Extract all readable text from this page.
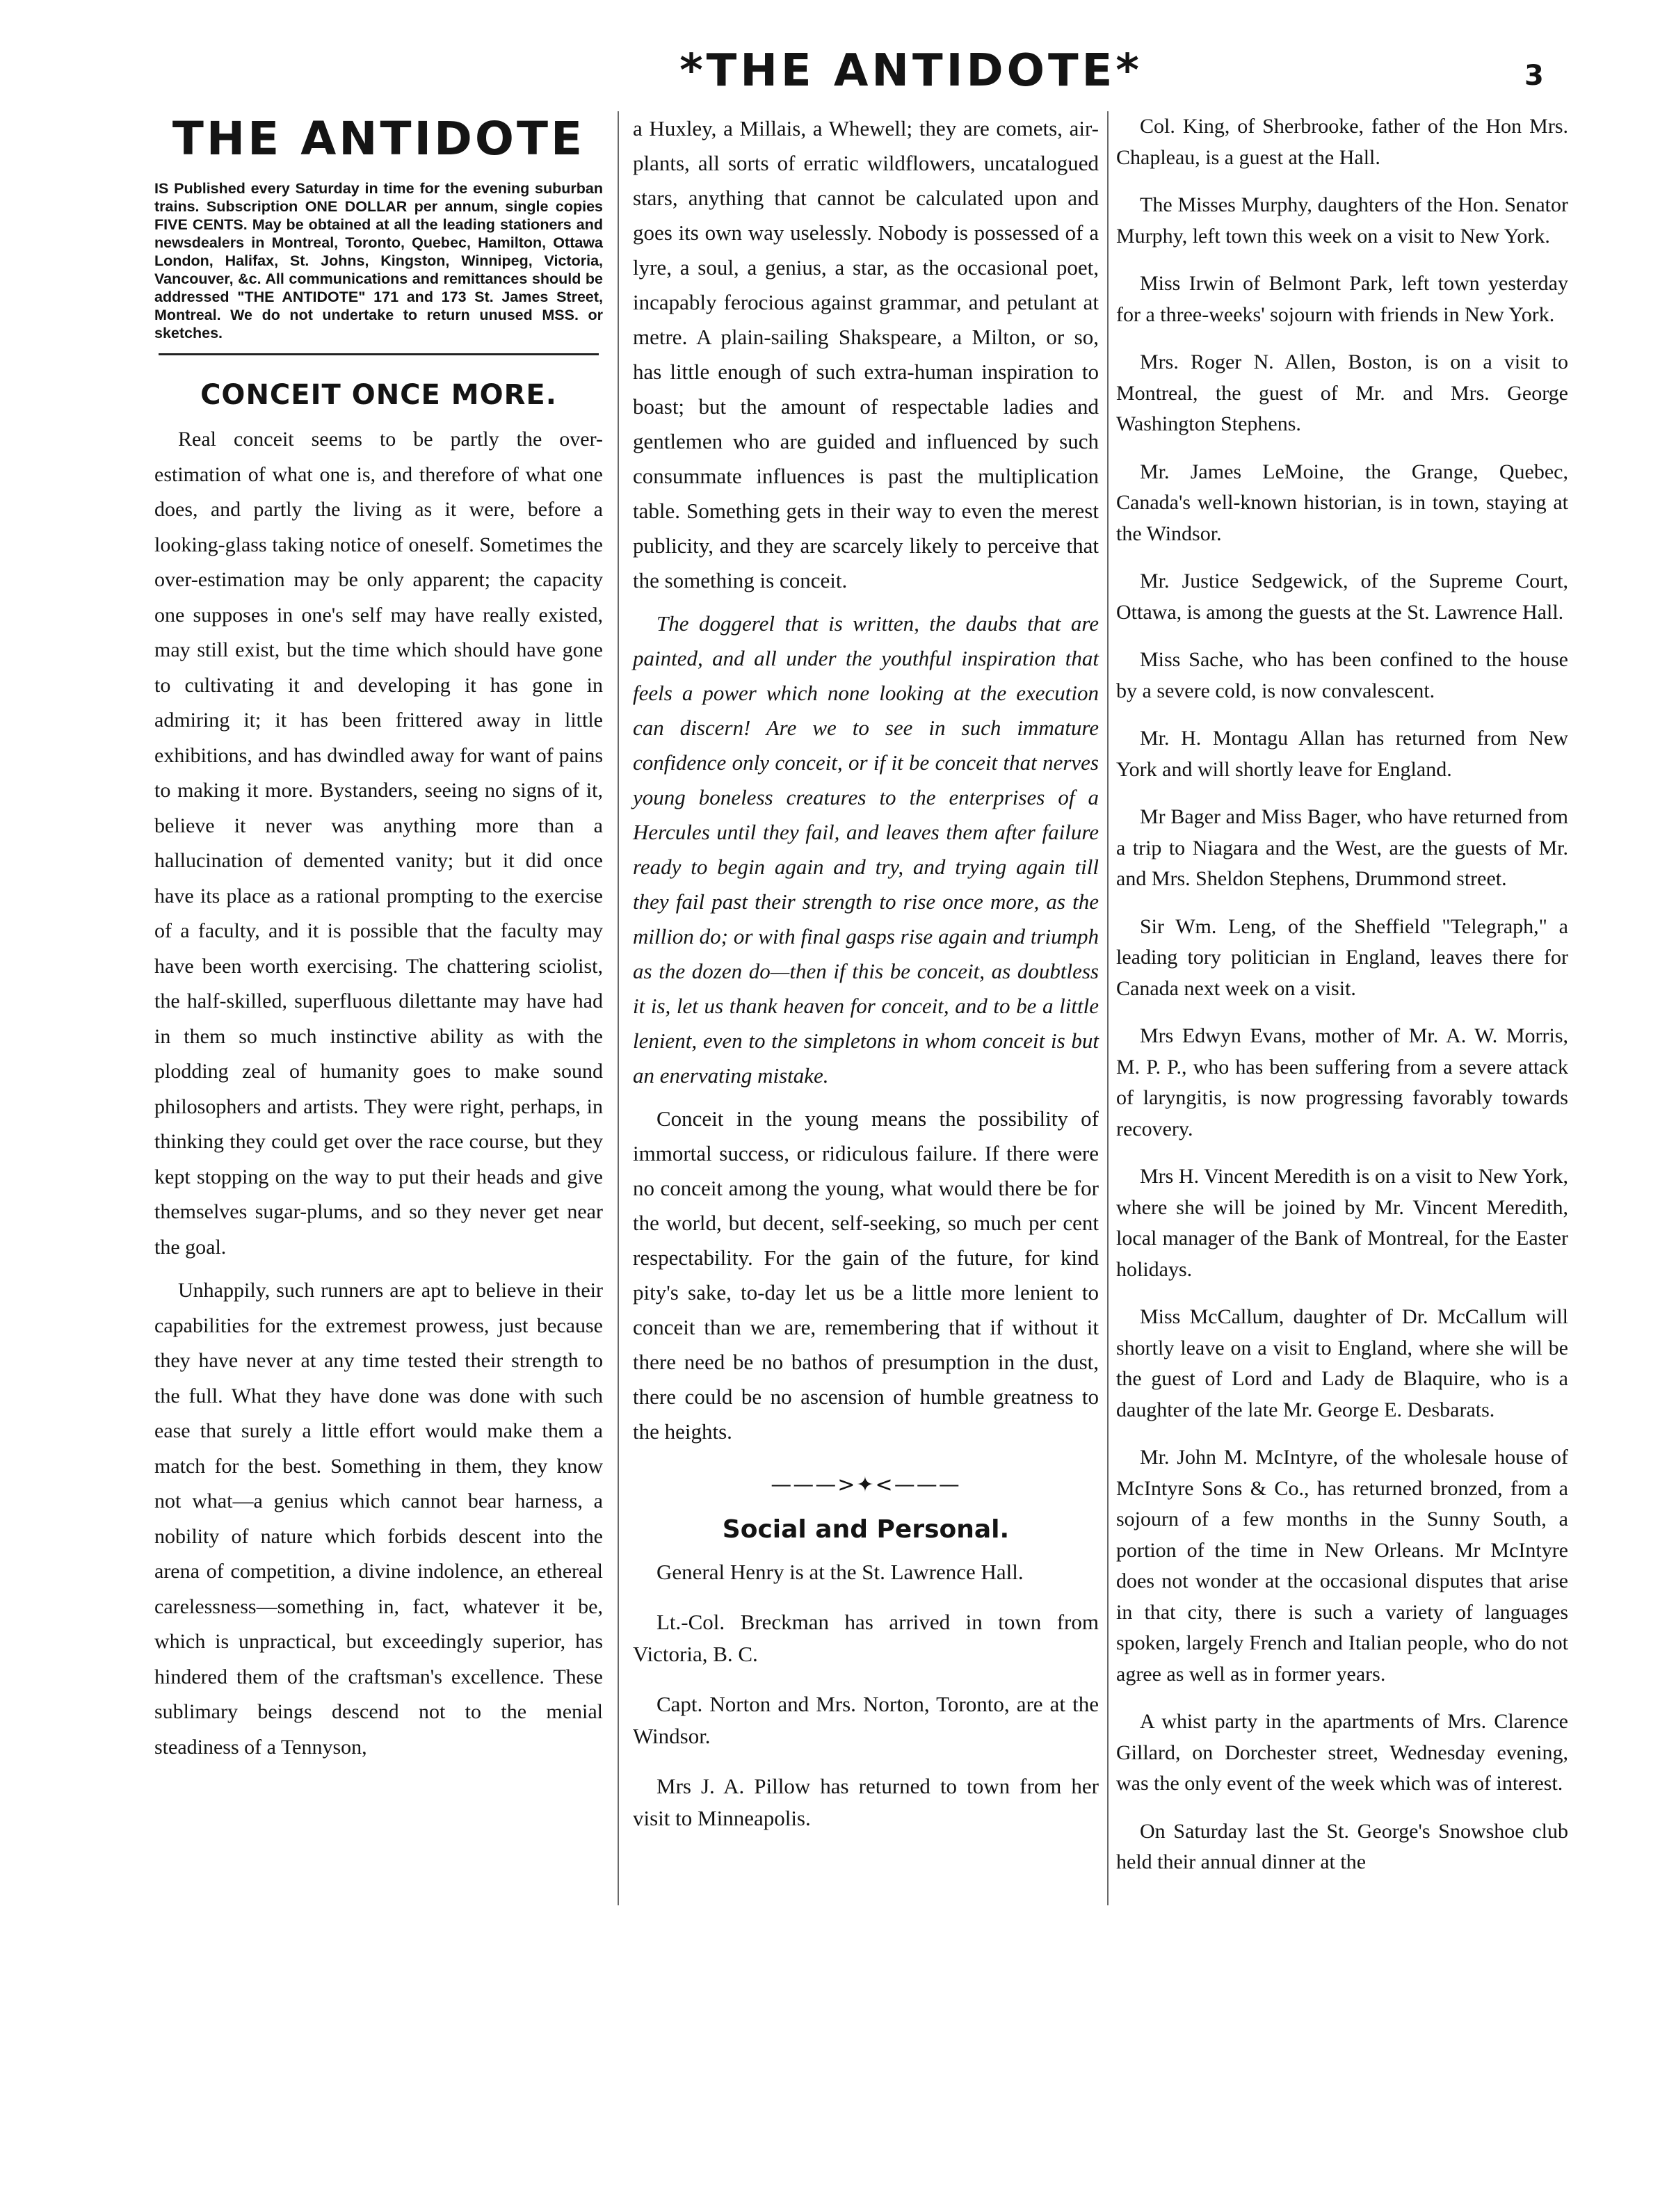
*THE ANTIDOTE*	3
THE ANTIDOTE

IS Published every Saturday in time for the evening suburban trains. Subscription ONE DOLLAR per annum, single copies FIVE CENTS. May be obtained at all the leading stationers and newsdealers in Montreal, Toronto, Quebec, Hamilton, Ottawa London, Halifax, St. Johns, Kingston, Winnipeg, Victoria, Vancouver, &c. All communications and remittances should be addressed "THE ANTIDOTE" 171 and 173 St. James Street, Montreal. We do not undertake to return unused MSS. or sketches.

CONCEIT ONCE MORE.

Real conceit seems to be partly the over-estimation of what one is, and therefore of what one does, and partly the living as it were, before a looking-glass taking notice of oneself. Sometimes the over-estimation may be only apparent; the capacity one supposes in one's self may have really existed, may still exist, but the time which should have gone to cultivating it and developing it has gone in admiring it; it has been frittered away in little exhibitions, and has dwindled away for want of pains to making it more. Bystanders, seeing no signs of it, believe it never was anything more than a hallucination of demented vanity; but it did once have its place as a rational prompting to the exercise of a faculty, and it is possible that the faculty may have been worth exercising. The chattering sciolist, the half-skilled, superfluous dilettante may have had in them so much instinctive ability as with the plodding zeal of humanity goes to make sound philosophers and artists. They were right, perhaps, in thinking they could get over the race course, but they kept stopping on the way to put their heads and give themselves sugar-plums, and so they never get near the goal.

Unhappily, such runners are apt to believe in their capabilities for the extremest prowess, just because they have never at any time tested their strength to the full. What they have done was done with such ease that surely a little effort would make them a match for the best. Something in them, they know not what—a genius which cannot bear harness, a nobility of nature which forbids descent into the arena of competition, a divine indolence, an ethereal carelessness—something in, fact, whatever it be, which is unpractical, but exceedingly superior, has hindered them of the craftsman's excellence. These sublimary beings descend not to the menial steadiness of a Tennyson,

a Huxley, a Millais, a Whewell; they are comets, air-plants, all sorts of erratic wildflowers, uncatalogued stars, anything that cannot be calculated upon and goes its own way uselessly. Nobody is possessed of a lyre, a soul, a genius, a star, as the occasional poet, incapably ferocious against grammar, and petulant at metre. A plain-sailing Shakspeare, a Milton, or so, has little enough of such extra-human inspiration to boast; but the amount of respectable ladies and gentlemen who are guided and influenced by such consummate influences is past the multiplication table. Something gets in their way to even the merest publicity, and they are scarcely likely to perceive that the something is conceit.

The doggerel that is written, the daubs that are painted, and all under the youthful inspiration that feels a power which none looking at the execution can discern! Are we to see in such immature confidence only conceit, or if it be conceit that nerves young boneless creatures to the enterprises of a Hercules until they fail, and leaves them after failure ready to begin again and try, and trying again till they fail past their strength to rise once more, as the million do; or with final gasps rise again and triumph as the dozen do—then if this be conceit, as doubtless it is, let us thank heaven for conceit, and to be a little lenient, even to the simpletons in whom conceit is but an enervating mistake.

Conceit in the young means the possibility of immortal success, or ridiculous failure. If there were no conceit among the young, what would there be for the world, but decent, self-seeking, so much per cent respectability. For the gain of the future, for kind pity's sake, to-day let us be a little more lenient to conceit than we are, remembering that if without it there need be no bathos of presumption in the dust, there could be no ascension of humble greatness to the heights.

———>✦<———
Social and Personal.

General Henry is at the St. Lawrence Hall.

Lt.-Col. Breckman has arrived in town from Victoria, B. C.

Capt. Norton and Mrs. Norton, Toronto, are at the Windsor.

Mrs J. A. Pillow has returned to town from her visit to Minneapolis.

Col. King, of Sherbrooke, father of the Hon Mrs. Chapleau, is a guest at the Hall.

The Misses Murphy, daughters of the Hon. Senator Murphy, left town this week on a visit to New York.

Miss Irwin of Belmont Park, left town yesterday for a three-weeks' sojourn with friends in New York.

Mrs. Roger N. Allen, Boston, is on a visit to Montreal, the guest of Mr. and Mrs. George Washington Stephens.

Mr. James LeMoine, the Grange, Quebec, Canada's well-known historian, is in town, staying at the Windsor.

Mr. Justice Sedgewick, of the Supreme Court, Ottawa, is among the guests at the St. Lawrence Hall.

Miss Sache, who has been confined to the house by a severe cold, is now convalescent.

Mr. H. Montagu Allan has returned from New York and will shortly leave for England.

Mr Bager and Miss Bager, who have returned from a trip to Niagara and the West, are the guests of Mr. and Mrs. Sheldon Stephens, Drummond street.

Sir Wm. Leng, of the Sheffield "Telegraph," a leading tory politician in England, leaves there for Canada next week on a visit.

Mrs Edwyn Evans, mother of Mr. A. W. Morris, M. P. P., who has been suffering from a severe attack of laryngitis, is now progressing favorably towards recovery.

Mrs H. Vincent Meredith is on a visit to New York, where she will be joined by Mr. Vincent Meredith, local manager of the Bank of Montreal, for the Easter holidays.

Miss McCallum, daughter of Dr. McCallum will shortly leave on a visit to England, where she will be the guest of Lord and Lady de Blaquire, who is a daughter of the late Mr. George E. Desbarats.

Mr. John M. McIntyre, of the wholesale house of McIntyre Sons & Co., has returned bronzed, from a sojourn of a few months in the Sunny South, a portion of the time in New Orleans. Mr McIntyre does not wonder at the occasional disputes that arise in that city, there is such a variety of languages spoken, largely French and Italian people, who do not agree as well as in former years.

A whist party in the apartments of Mrs. Clarence Gillard, on Dorchester street, Wednesday evening, was the only event of the week which was of interest.

On Saturday last the St. George's Snowshoe club held their annual dinner at the
